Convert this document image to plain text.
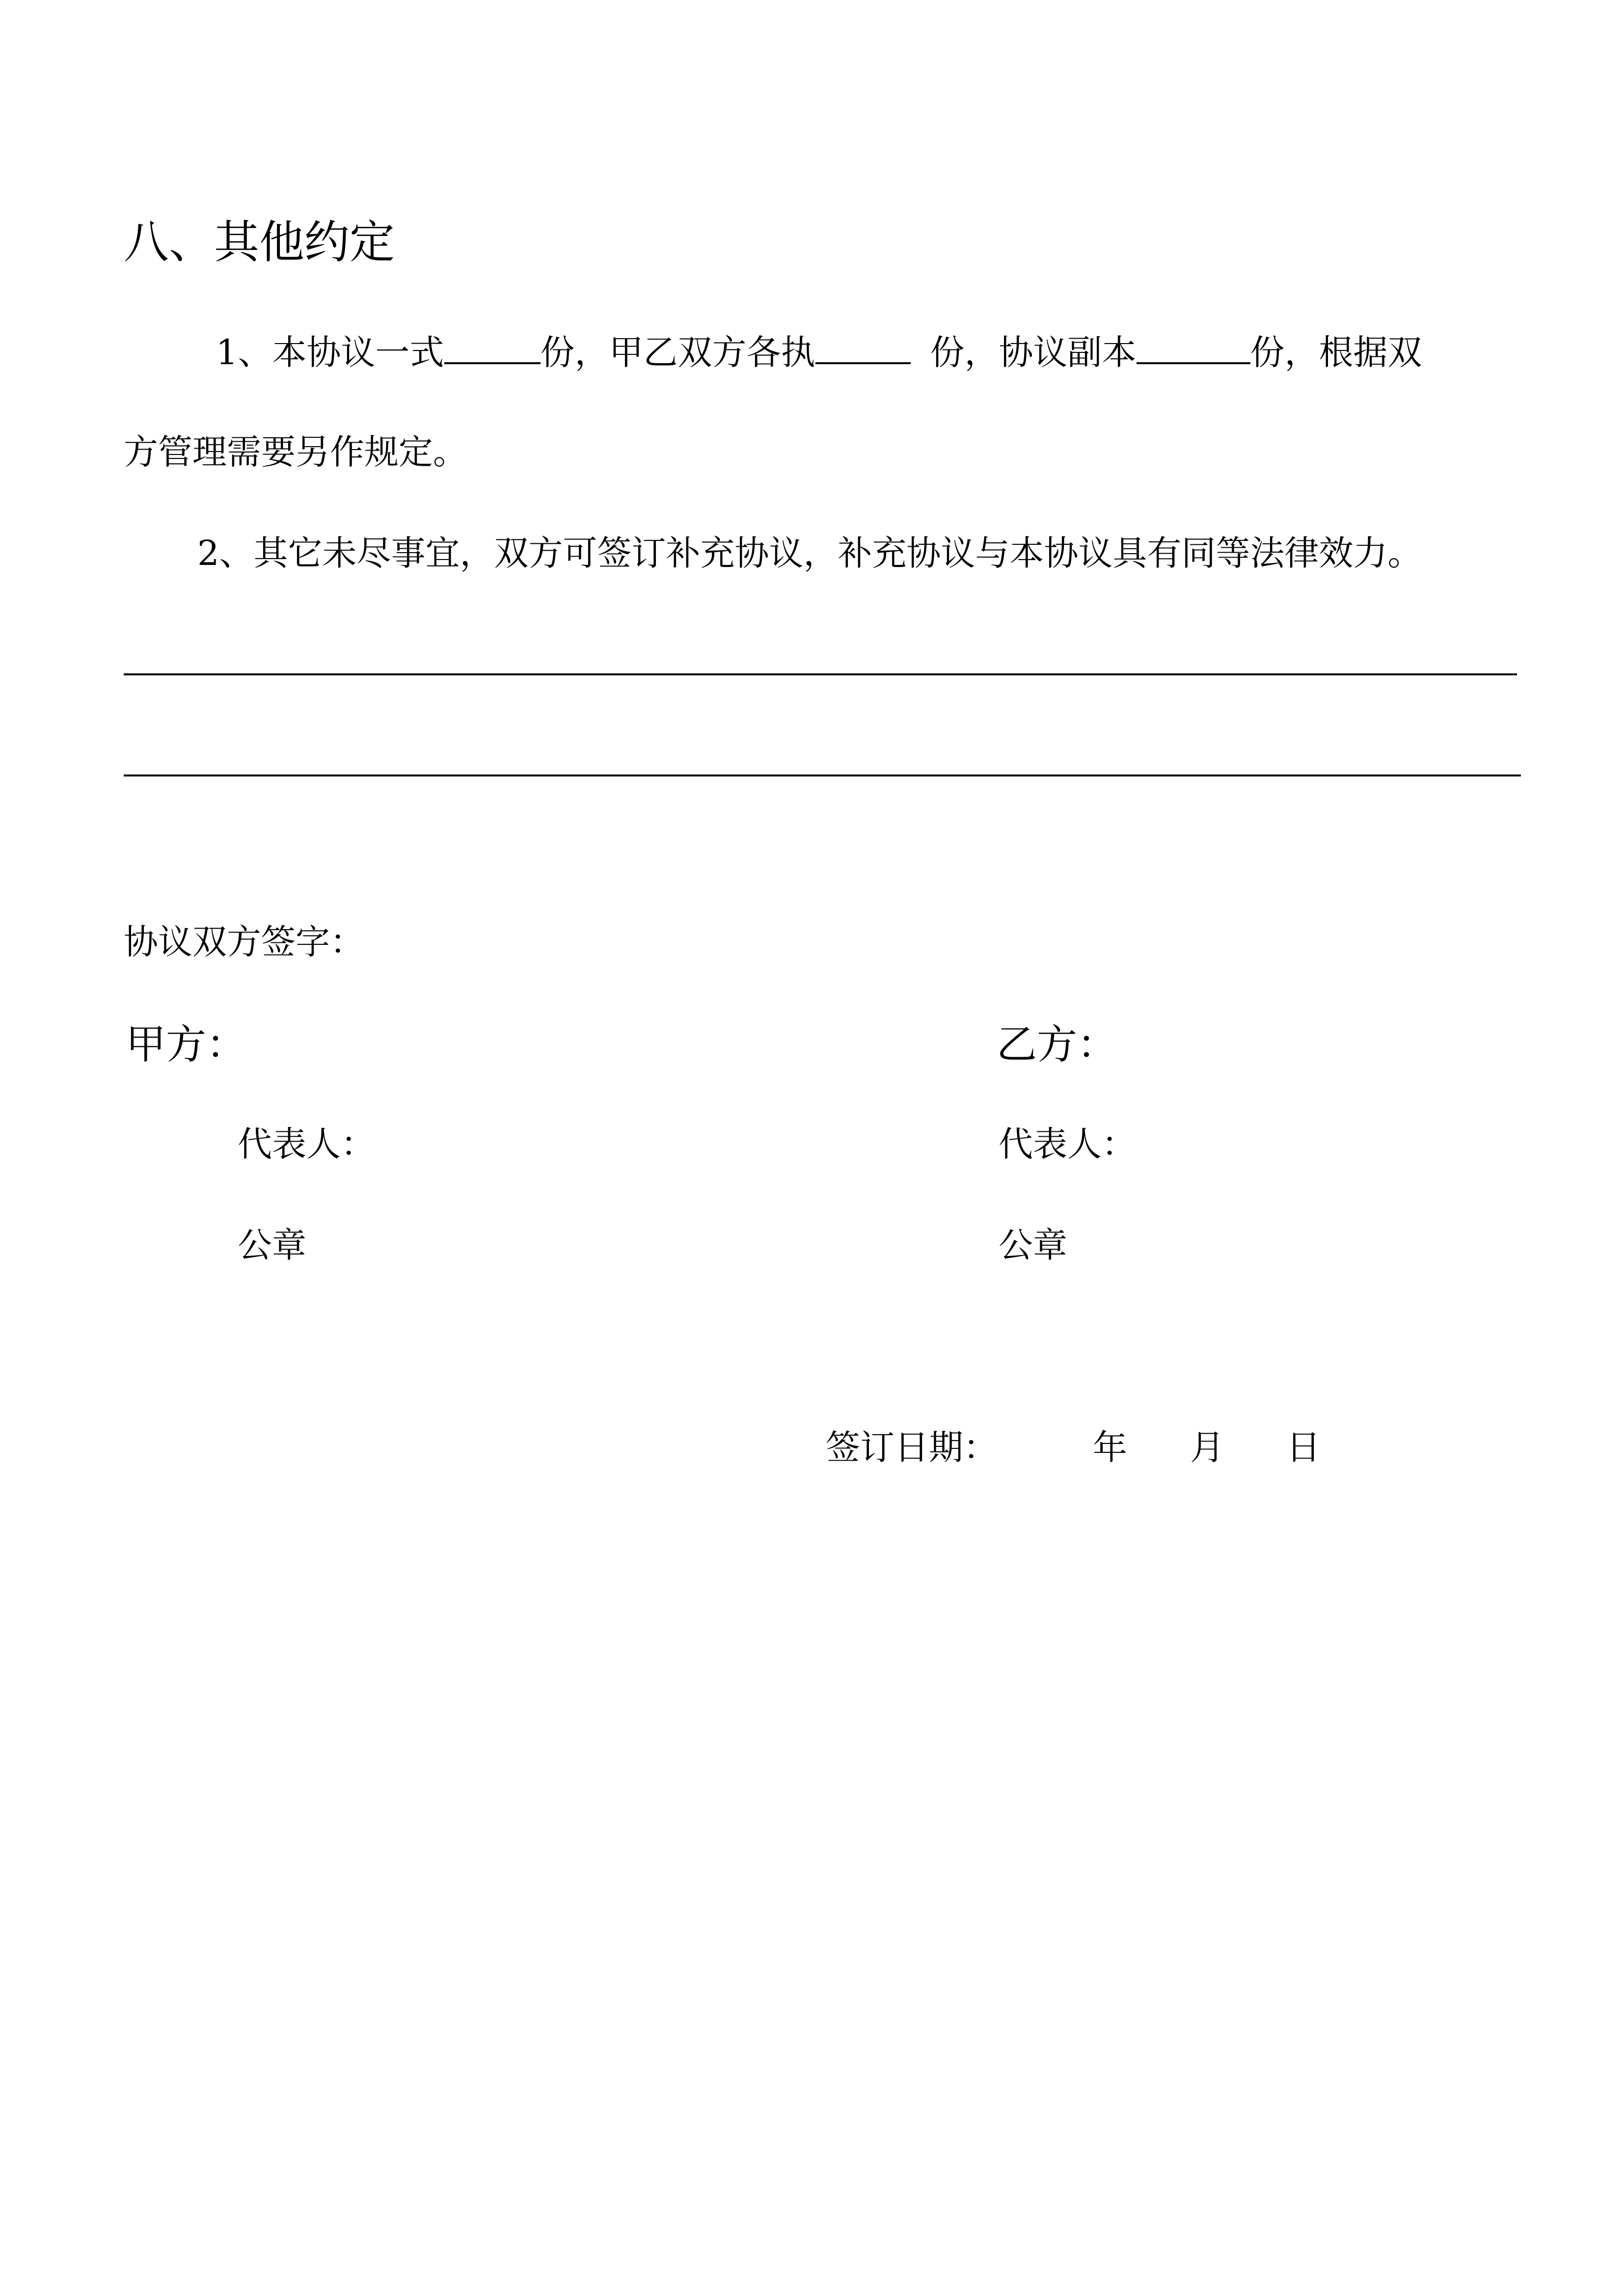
八、其他约定
1、本协议一式	份，甲乙双方各执	份，协议副本	份，根据双
方管理需要另作规定。
2、其它未尽事宜，双方可签订补充协议，补充协议与本协议具有同等法律效力。
协议双方签字：
甲方：	乙方：
代表人：	代表人：
公章	公章
签订日期：	年 月 日
